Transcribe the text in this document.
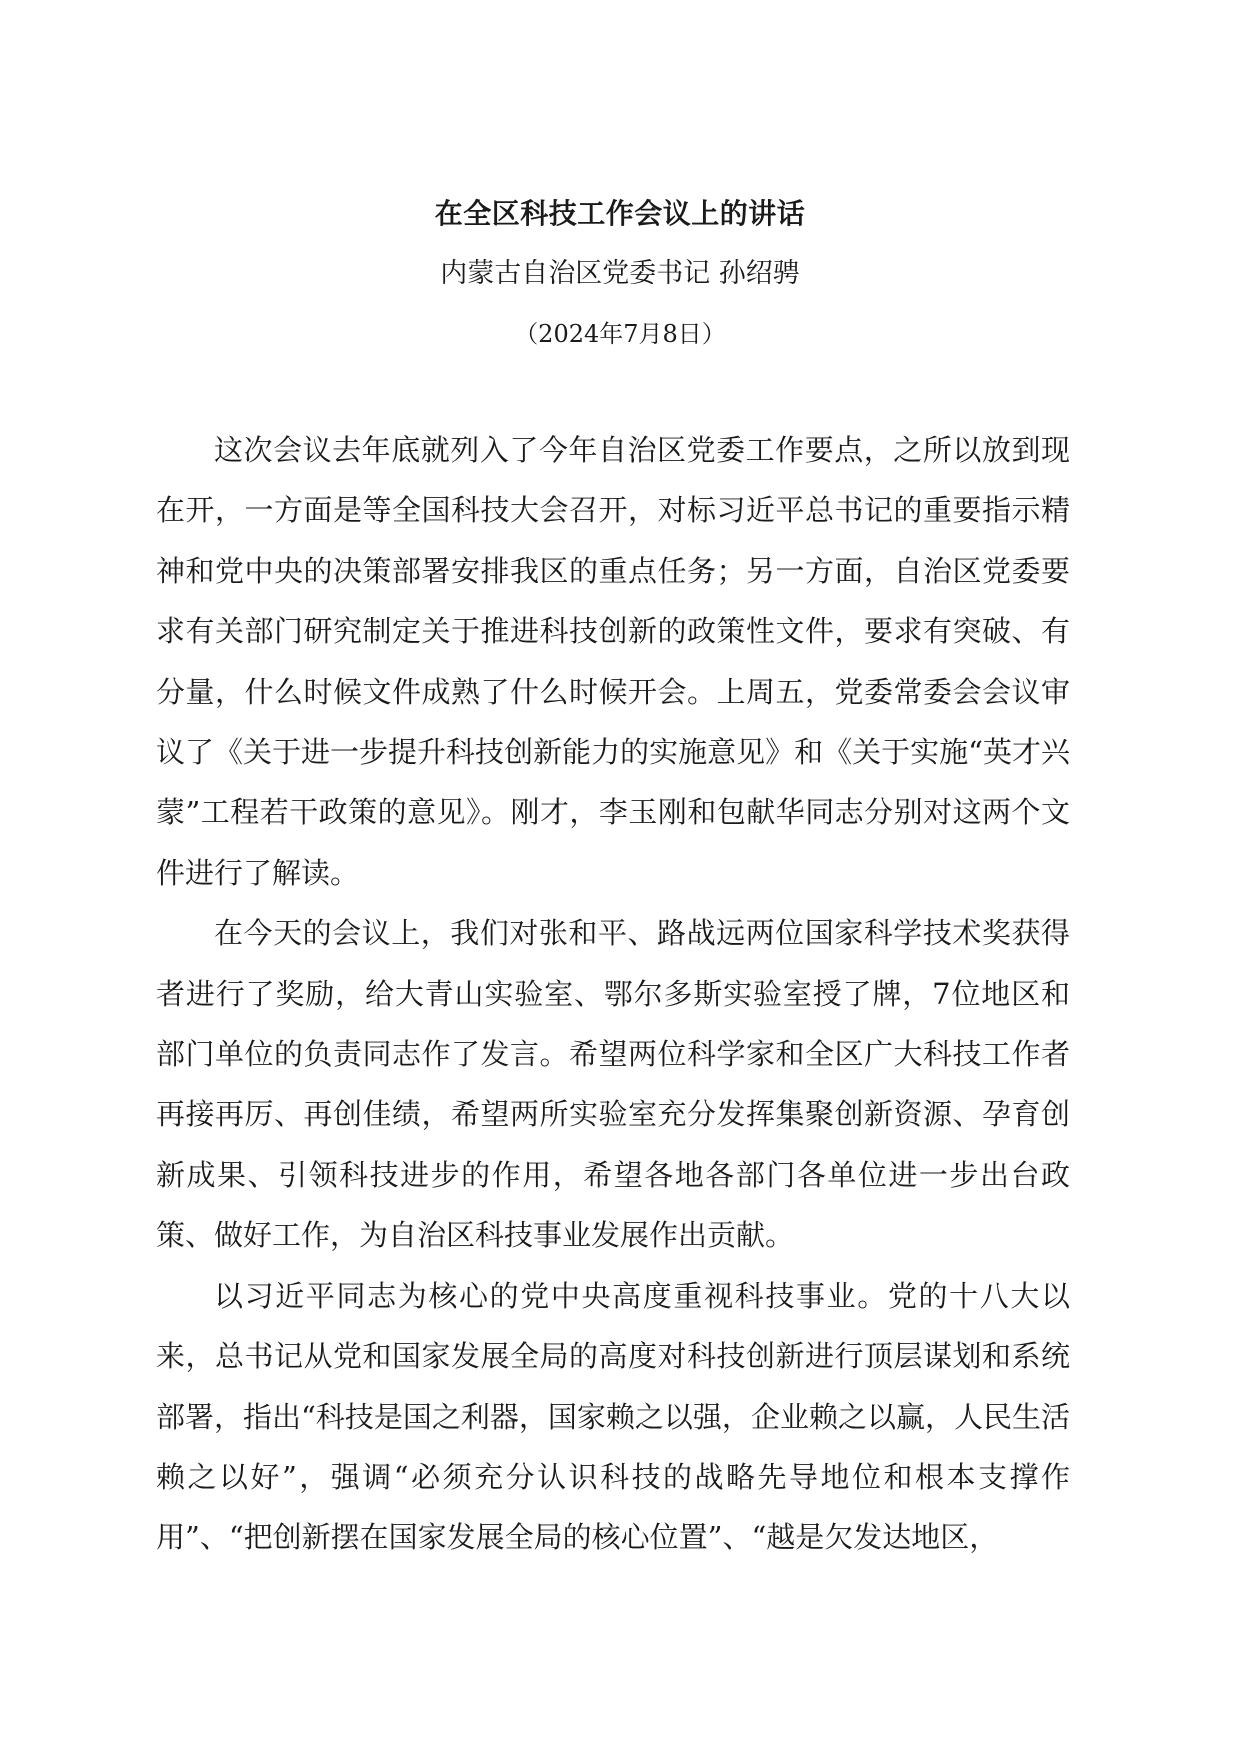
在全区科技工作会议上的讲话
内蒙古自治区党委书记 孙绍骋
（2024年7月8日）

这次会议去年底就列入了今年自治区党委工作要点，之所以放到现在开，一方面是等全国科技大会召开，对标习近平总书记的重要指示精神和党中央的决策部署安排我区的重点任务；另一方面，自治区党委要求有关部门研究制定关于推进科技创新的政策性文件，要求有突破、有分量，什么时候文件成熟了什么时候开会。上周五，党委常委会会议审议了《关于进一步提升科技创新能力的实施意见》和《关于实施“英才兴蒙”工程若干政策的意见》。刚才，李玉刚和包献华同志分别对这两个文件进行了解读。

在今天的会议上，我们对张和平、路战远两位国家科学技术奖获得者进行了奖励，给大青山实验室、鄂尔多斯实验室授了牌，7位地区和部门单位的负责同志作了发言。希望两位科学家和全区广大科技工作者再接再厉、再创佳绩，希望两所实验室充分发挥集聚创新资源、孕育创新成果、引领科技进步的作用，希望各地各部门各单位进一步出台政策、做好工作，为自治区科技事业发展作出贡献。

以习近平同志为核心的党中央高度重视科技事业。党的十八大以来，总书记从党和国家发展全局的高度对科技创新进行顶层谋划和系统部署，指出“科技是国之利器，国家赖之以强，企业赖之以赢，人民生活赖之以好”，强调“必须充分认识科技的战略先导地位和根本支撑作用”、“把创新摆在国家发展全局的核心位置”、“越是欠发达地区，
